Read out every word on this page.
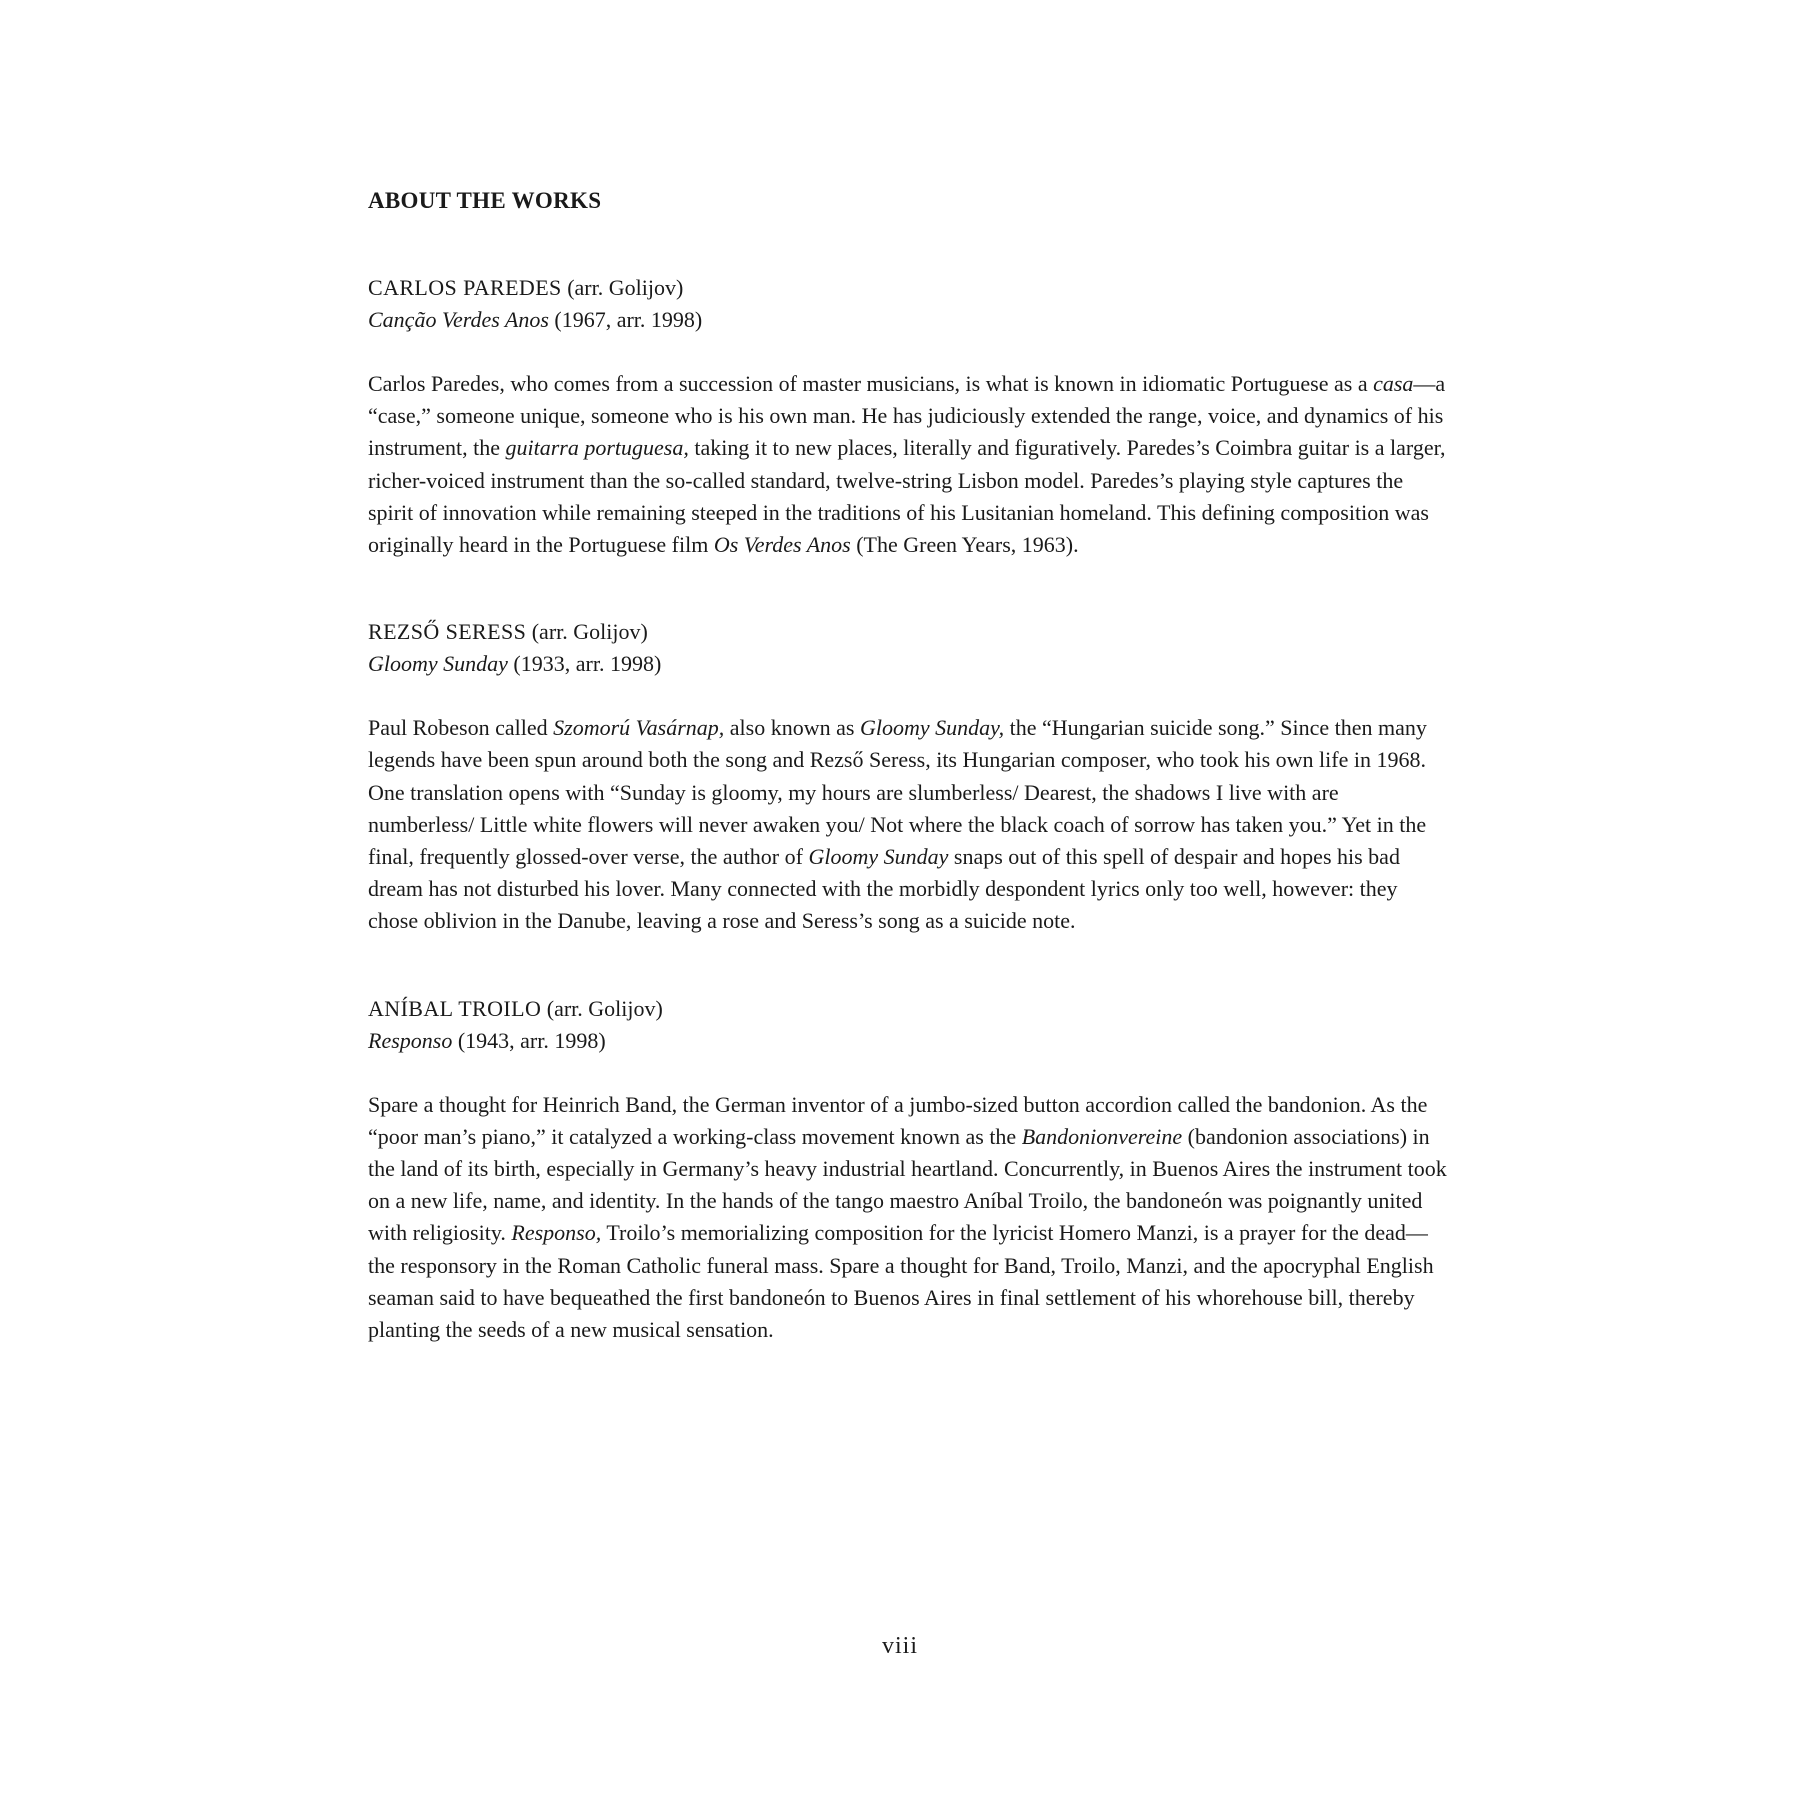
ABOUT THE WORKS

CARLOS PAREDES (arr. Golijov)

Canção Verdes Anos (1967, arr. 1998)

Carlos Paredes, who comes from a succession of master musicians, is what is known in idiomatic Portuguese as a casa—a “case,” someone unique, someone who is his own man. He has judiciously extended the range, voice, and dynamics of his instrument, the guitarra portuguesa, taking it to new places, literally and figuratively. Paredes’s Coimbra guitar is a larger, richer-voiced instrument than the so-called standard, twelve-string Lisbon model. Paredes’s playing style captures the spirit of innovation while remaining steeped in the traditions of his Lusitanian homeland. This defining composition was originally heard in the Portuguese film Os Verdes Anos (The Green Years, 1963).

REZSŐ SERESS (arr. Golijov)

Gloomy Sunday (1933, arr. 1998)

Paul Robeson called Szomorú Vasárnap, also known as Gloomy Sunday, the “Hungarian suicide song.” Since then many legends have been spun around both the song and Rezső Seress, its Hungarian composer, who took his own life in 1968. One translation opens with “Sunday is gloomy, my hours are slumberless/ Dearest, the shadows I live with are numberless/ Little white flowers will never awaken you/ Not where the black coach of sorrow has taken you.” Yet in the final, frequently glossed-over verse, the author of Gloomy Sunday snaps out of this spell of despair and hopes his bad dream has not disturbed his lover. Many connected with the morbidly despondent lyrics only too well, however: they chose oblivion in the Danube, leaving a rose and Seress’s song as a suicide note.

ANÍBAL TROILO (arr. Golijov)

Responso (1943, arr. 1998)

Spare a thought for Heinrich Band, the German inventor of a jumbo-sized button accordion called the bandonion. As the “poor man’s piano,” it catalyzed a working-class movement known as the Bandonionvereine (bandonion associations) in the land of its birth, especially in Germany’s heavy industrial heartland. Concurrently, in Buenos Aires the instrument took on a new life, name, and identity. In the hands of the tango maestro Aníbal Troilo, the bandoneón was poignantly united with religiosity. Responso, Troilo’s memorializing composition for the lyricist Homero Manzi, is a prayer for the dead—the responsory in the Roman Catholic funeral mass. Spare a thought for Band, Troilo, Manzi, and the apocryphal English seaman said to have bequeathed the first bandoneón to Buenos Aires in final settlement of his whorehouse bill, thereby planting the seeds of a new musical sensation.

viii
